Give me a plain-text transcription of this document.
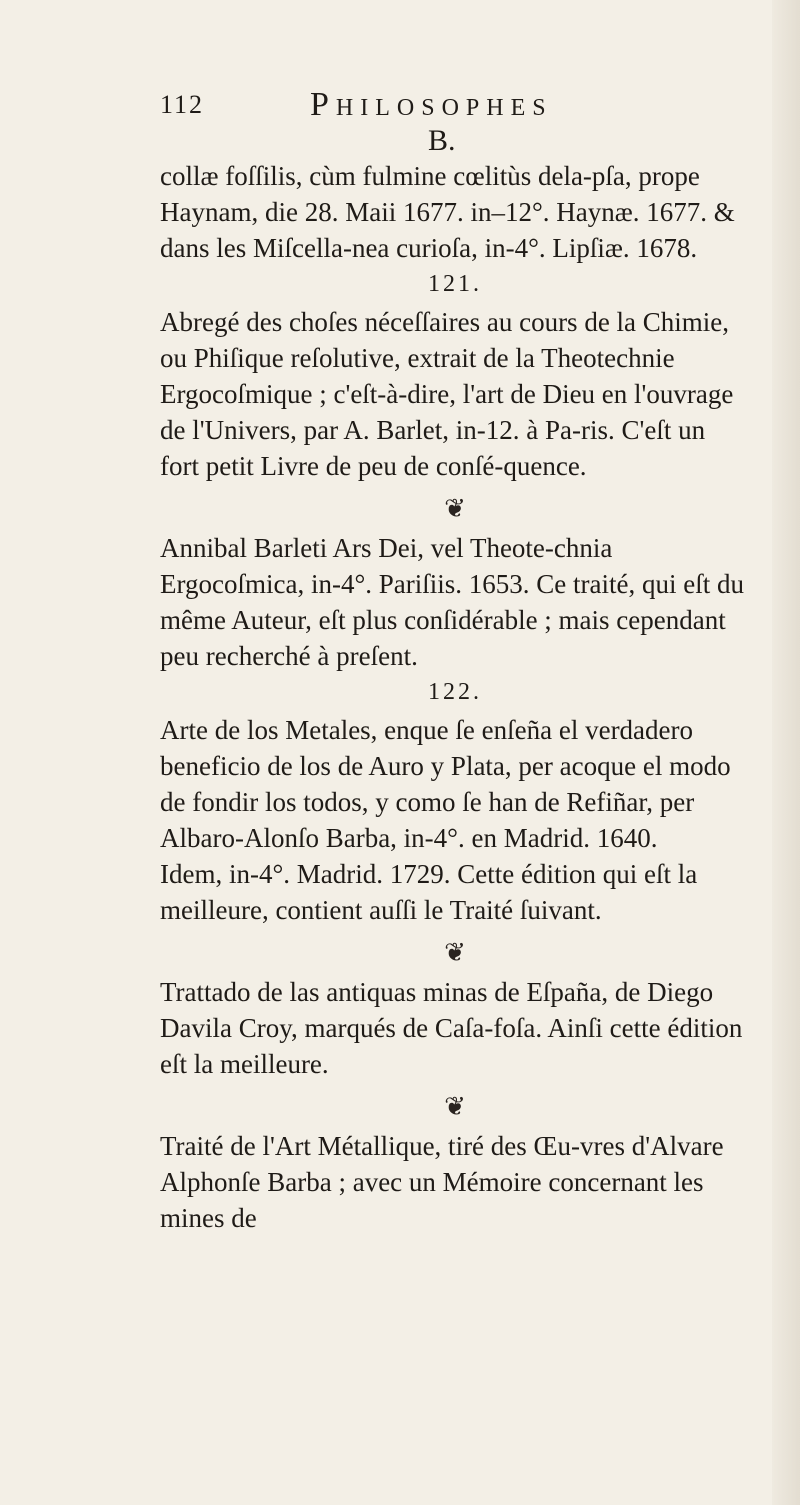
112	Philosophes
B.

collæ foſſilis, cùm fulmine cœlitùs dela-pſa, prope Haynam, die 28. Maii 1677. in–12°. Haynæ. 1677. & dans les Miſcella-nea curioſa, in-4°. Lipſiæ. 1678.

121.

Abregé des choſes néceſſaires au cours de la Chimie, ou Phiſique reſolutive, extrait de la Theotechnie Ergocoſmique ; c'eſt-à-dire, l'art de Dieu en l'ouvrage de l'Univers, par A. Barlet, in-12. à Pa-ris. C'eſt un fort petit Livre de peu de conſé-quence.

❦

Annibal Barleti Ars Dei, vel Theote-chnia Ergocoſmica, in-4°. Pariſiis. 1653. Ce traité, qui eſt du même Auteur, eſt plus conſidérable ; mais cependant peu recherché à preſent.

122.

Arte de los Metales, enque ſe enſeña el verdadero beneficio de los de Auro y Plata, per acoque el modo de fondir los todos, y como ſe han de Refiñar, per Albaro-Alonſo Barba, in-4°. en Madrid. 1640.

Idem, in-4°. Madrid. 1729. Cette édition qui eſt la meilleure, contient auſſi le Traité ſuivant.

❦

Trattado de las antiquas minas de Eſpaña, de Diego Davila Croy, marqués de Caſa-foſa. Ainſi cette édition eſt la meilleure.

❦

Traité de l'Art Métallique, tiré des Œu-vres d'Alvare Alphonſe Barba ; avec un Mémoire concernant les mines de
